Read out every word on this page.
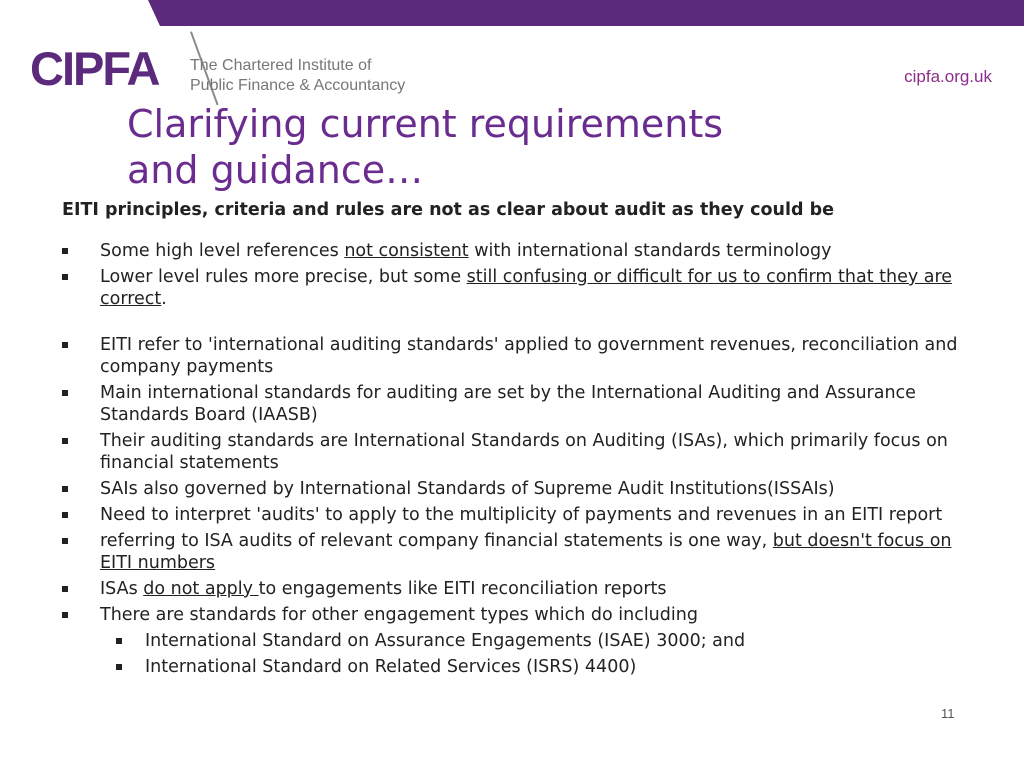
CIPFA The Chartered Institute of
Public Finance & Accountancy	cipfa.org.uk
Clarifying current requirements
and guidance…

EITI principles, criteria and rules are not as clear about audit as they could be

Some high level references not consistent with international standards terminology
Lower level rules more precise, but some still confusing or difficult for us to confirm that they are correct.
EITI refer to 'international auditing standards' applied to government revenues, reconciliation and company payments
Main international standards for auditing are set by the International Auditing and Assurance Standards Board (IAASB)
Their auditing standards are International Standards on Auditing (ISAs), which primarily focus on financial statements
SAIs also governed by International Standards of Supreme Audit Institutions(ISSAIs)
Need to interpret 'audits' to apply to the multiplicity of payments and revenues in an EITI report
referring to ISA audits of relevant company financial statements is one way, but doesn't focus on EITI numbers
ISAs do not apply to engagements like EITI reconciliation reports
There are standards for other engagement types which do including
International Standard on Assurance Engagements (ISAE) 3000; and
International Standard on Related Services (ISRS) 4400)
11
